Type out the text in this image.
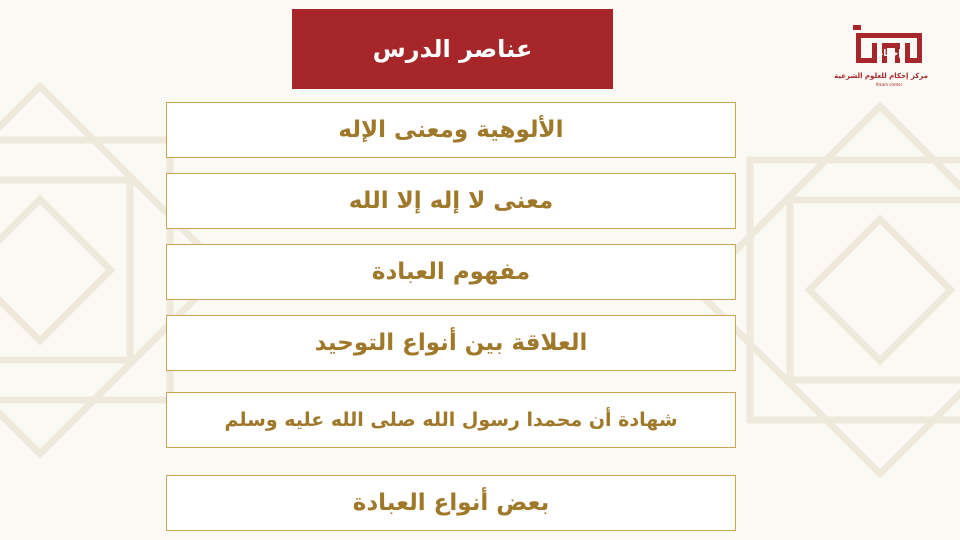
عناصر الدرس
الألوهية ومعنى الإله
معنى لا إله إلا الله
مفهوم العبادة
العلاقة بين أنواع التوحيد
شهادة أن محمدا رسول الله صلى الله عليه وسلم
بعض أنواع العبادة
إحكام
مركز إحكام للعلوم الشرعية
Ihkam center
